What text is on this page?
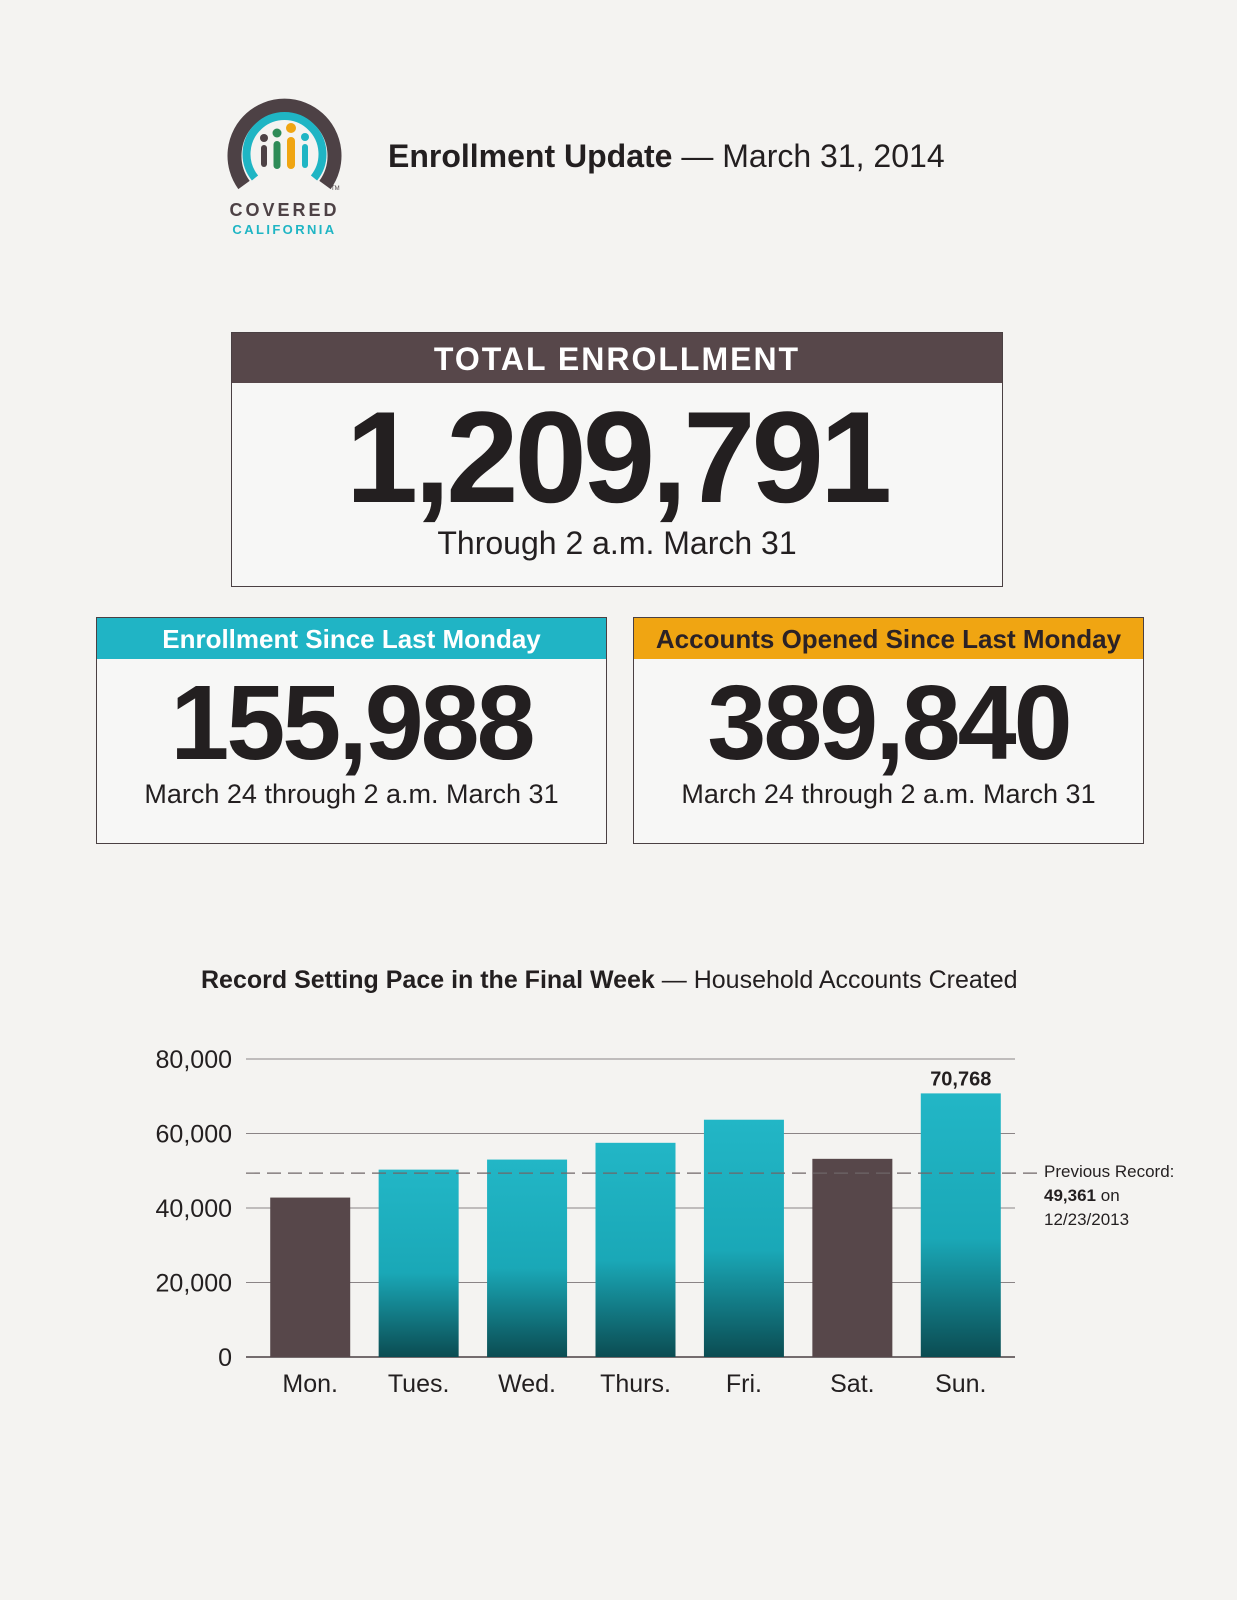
TM
COVERED
CALIFORNIA
Enrollment Update — March 31, 2014
TOTAL ENROLLMENT
1,209,791
Through 2 a.m. March 31
Enrollment Since Last Monday
155,988
March 24 through 2 a.m. March 31
Accounts Opened Since Last Monday
389,840
March 24 through 2 a.m. March 31
Record Setting Pace in the Final Week — Household Accounts Created
0
20,000
40,000
60,000
80,000
Mon. Tues. Wed. Thurs. Fri.	Sat. Sun.
70,768
Previous Record:
49,361 on
12/23/2013
